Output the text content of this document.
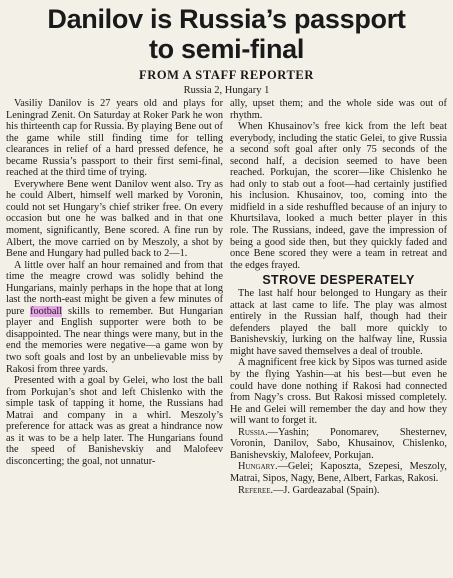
Danilov is Russia’s passport
to semi-final
FROM A STAFF REPORTER
Russia 2, Hungary 1

Vasiliy Danilov is 27 years old and plays for Leningrad Zenit. On Saturday at Roker Park he won his thirteenth cap for Russia. By playing Bene out of the game while still finding time for telling clearances in relief of a hard pressed defence, he became Russia’s passport to their first semi-final, reached at the third time of trying.

Everywhere Bene went Danilov went also. Try as he could Albert, himself well marked by Voronin, could not set Hungary’s chief striker free. On every occasion but one he was balked and in that one moment, significantly, Bene scored. A fine run by Albert, the move carried on by Meszoly, a shot by Bene and Hungary had pulled back to 2—1.

A little over half an hour remained and from that time the meagre crowd was solidly behind the Hungarians, mainly perhaps in the hope that at long last the north-east might be given a few minutes of pure football skills to remember. But Hungarian player and English supporter were both to be disappointed. The near things were many, but in the end the memories were negative—a game won by two soft goals and lost by an unbelievable miss by Rakosi from three yards.

Presented with a goal by Gelei, who lost the ball from Porkujan’s shot and left Chislenko with the simple task of tapping it home, the Russians had Matrai and company in a whirl. Meszoly’s preference for attack was as great a hindrance now as it was to be a help later. The Hungarians found the speed of Banishevskiy and Malofeev disconcerting; the goal, not unnatur-

ally, upset them; and the whole side was out of rhythm.

When Khusainov’s free kick from the left beat everybody, including the static Gelei, to give Russia a second soft goal after only 75 seconds of the second half, a decision seemed to have been reached. Porkujan, the scorer—like Chislenko he had only to stab out a foot—had certainly justified his inclusion. Khusainov, too, coming into the midfield in a side reshuffled because of an injury to Khurtsilava, looked a much better player in this role. The Russians, indeed, gave the impression of being a good side then, but they quickly faded and once Bene scored they were a team in retreat and the edges frayed.

STROVE DESPERATELY

The last half hour belonged to Hungary as their attack at last came to life. The play was almost entirely in the Russian half, though had their defenders played the ball more quickly to Banishevskiy, lurking on the halfway line, Russia might have saved themselves a deal of trouble.

A magnificent free kick by Sipos was turned aside by the flying Yashin—at his best—but even he could have done nothing if Rakosi had connected from Nagy’s cross. But Rakosi missed completely. He and Gelei will remember the day and how they will want to forget it.

Russia.—Yashin; Ponomarev, Shesternev, Voronin, Danilov, Sabo, Khusainov, Chislenko, Banishevskiy, Malofeev, Porkujan.

Hungary.—Gelei; Kaposzta, Szepesi, Meszoly, Matrai, Sipos, Nagy, Bene, Albert, Farkas, Rakosi.

Referee.—J. Gardeazabal (Spain).
